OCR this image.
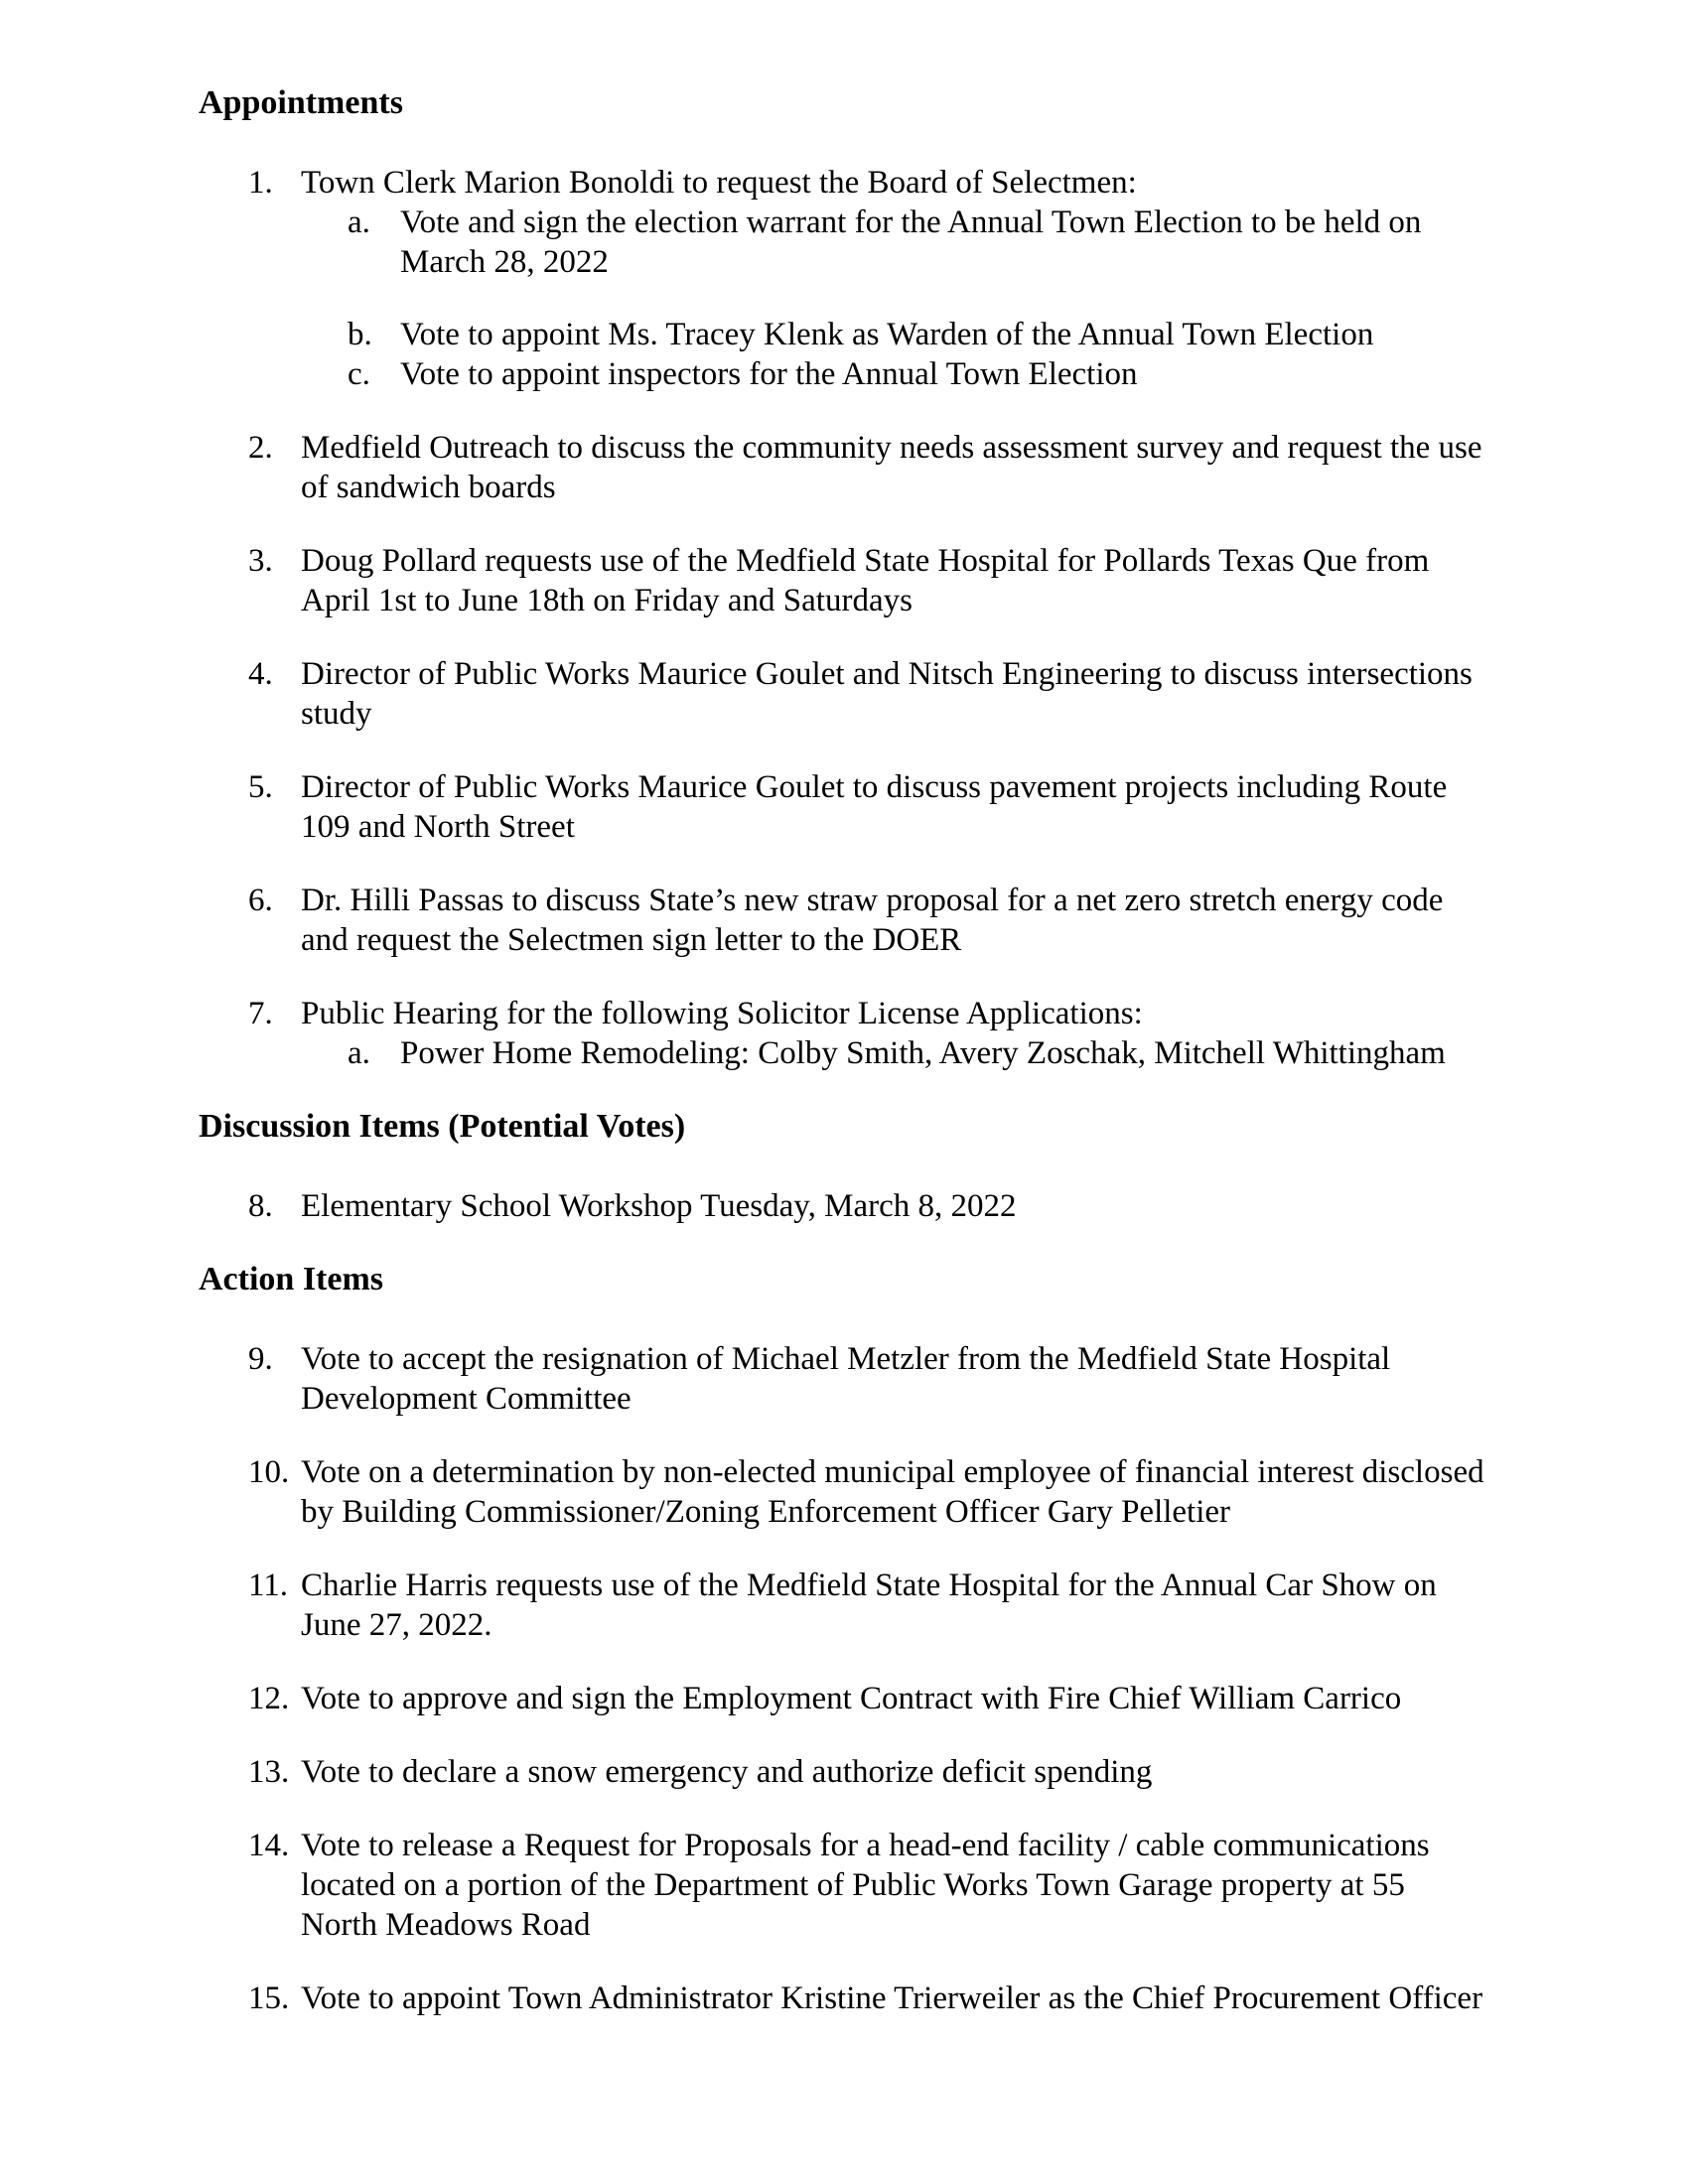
Appointments
1. Town Clerk Marion Bonoldi to request the Board of Selectmen:
a. Vote and sign the election warrant for the Annual Town Election to be held on March 28, 2022
b. Vote to appoint Ms. Tracey Klenk as Warden of the Annual Town Election
c. Vote to appoint inspectors for the Annual Town Election
2. Medfield Outreach to discuss the community needs assessment survey and request the use of sandwich boards
3. Doug Pollard requests use of the Medfield State Hospital for Pollards Texas Que from April 1st to June 18th on Friday and Saturdays
4. Director of Public Works Maurice Goulet and Nitsch Engineering to discuss intersections study
5. Director of Public Works Maurice Goulet to discuss pavement projects including Route 109 and North Street
6. Dr. Hilli Passas to discuss State’s new straw proposal for a net zero stretch energy code and request the Selectmen sign letter to the DOER
7. Public Hearing for the following Solicitor License Applications:
a. Power Home Remodeling: Colby Smith, Avery Zoschak, Mitchell Whittingham
Discussion Items (Potential Votes)
8. Elementary School Workshop Tuesday, March 8, 2022
Action Items
9. Vote to accept the resignation of Michael Metzler from the Medfield State Hospital Development Committee
10. Vote on a determination by non-elected municipal employee of financial interest disclosed by Building Commissioner/Zoning Enforcement Officer Gary Pelletier
11. Charlie Harris requests use of the Medfield State Hospital for the Annual Car Show on June 27, 2022.
12. Vote to approve and sign the Employment Contract with Fire Chief William Carrico
13. Vote to declare a snow emergency and authorize deficit spending
14. Vote to release a Request for Proposals for a head-end facility / cable communications located on a portion of the Department of Public Works Town Garage property at 55 North Meadows Road
15. Vote to appoint Town Administrator Kristine Trierweiler as the Chief Procurement Officer
